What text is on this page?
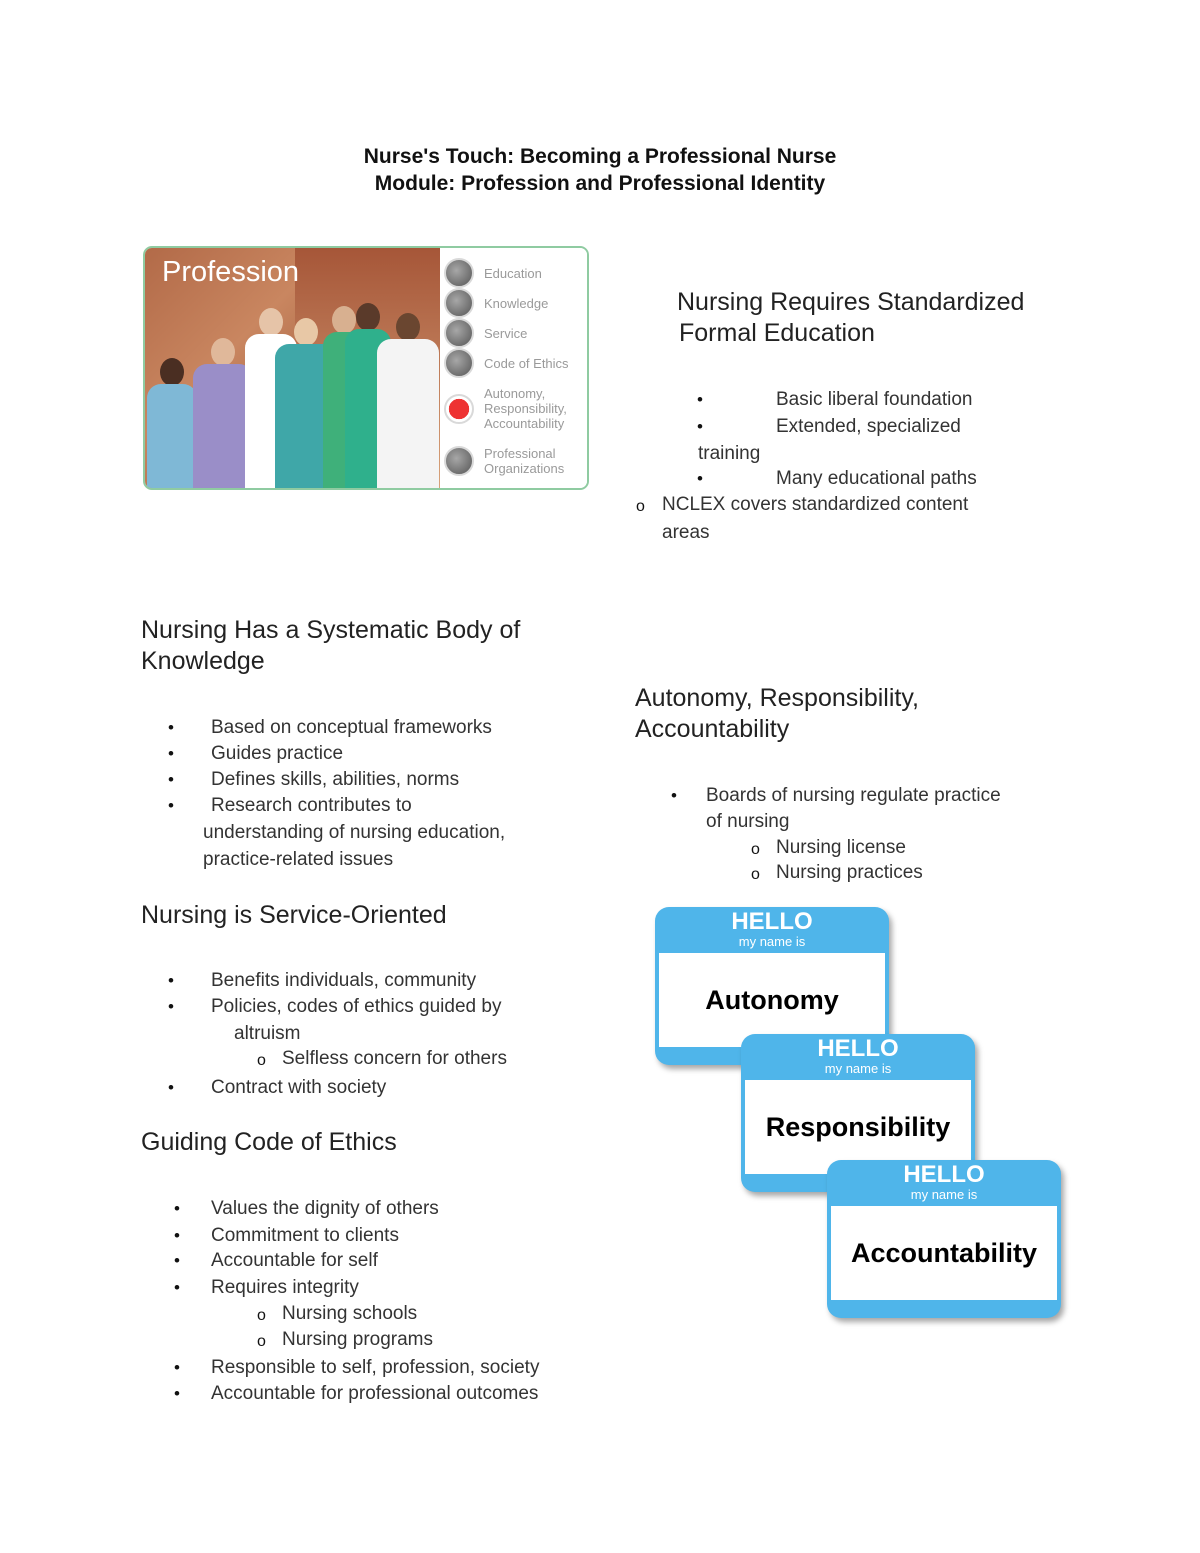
Nurse's Touch: Becoming a Professional Nurse
Module: Profession and Professional Identity
Profession	Education
Knowledge
Service
Code of Ethics
Autonomy,
Responsibility,
Accountability
Professional
Organizations
Nursing Requires Standardized
Formal Education
•	Basic liberal foundation
•	Extended, specialized
training
•	Many educational paths
o NCLEX covers standardized content
areas
Nursing Has a Systematic Body of
Knowledge
• Based on conceptual frameworks
• Guides practice
• Defines skills, abilities, norms
• Research contributes to
understanding of nursing education,
practice-related issues
Nursing is Service-Oriented
• Benefits individuals, community
• Policies, codes of ethics guided by
altruism
o Selfless concern for others
• Contract with society
Guiding Code of Ethics
• Values the dignity of others
• Commitment to clients
• Accountable for self
• Requires integrity
o Nursing schools
o Nursing programs
• Responsible to self, profession, society
• Accountable for professional outcomes
Autonomy, Responsibility,
Accountability
• Boards of nursing regulate practice
of nursing
o Nursing license
o Nursing practices
HELLO
my name is
Autonomy
HELLO
my name is
Responsibility
HELLO
my name is
Accountability
